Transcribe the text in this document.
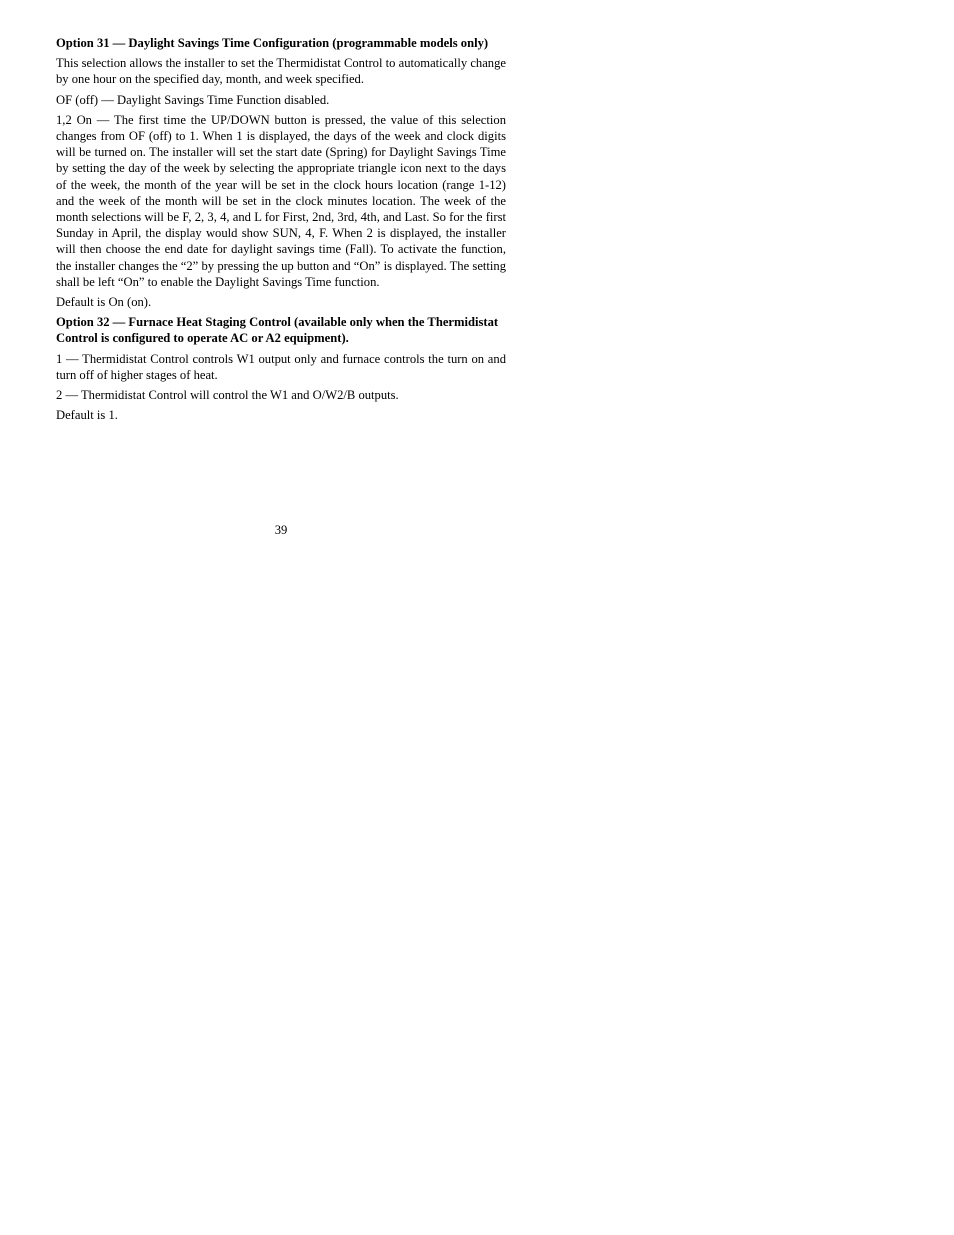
Option 31 — Daylight Savings Time Configuration (programmable models only)
This selection allows the installer to set the Thermidistat Control to automatically change by one hour on the specified day, month, and week specified.
OF (off) — Daylight Savings Time Function disabled.
1,2 On — The first time the UP/DOWN button is pressed, the value of this selection changes from OF (off) to 1. When 1 is displayed, the days of the week and clock digits will be turned on. The installer will set the start date (Spring) for Daylight Savings Time by setting the day of the week by selecting the appropriate triangle icon next to the days of the week, the month of the year will be set in the clock hours location (range 1-12) and the week of the month will be set in the clock minutes location. The week of the month selections will be F, 2, 3, 4, and L for First, 2nd, 3rd, 4th, and Last. So for the first Sunday in April, the display would show SUN, 4, F. When 2 is displayed, the installer will then choose the end date for daylight savings time (Fall). To activate the function, the installer changes the “2” by pressing the up button and “On” is displayed. The setting shall be left “On” to enable the Daylight Savings Time function.
Default is On (on).
Option 32 — Furnace Heat Staging Control (available only when the Thermidistat Control is configured to operate AC or A2 equipment).
1 — Thermidistat Control controls W1 output only and furnace controls the turn on and turn off of higher stages of heat.
2 — Thermidistat Control will control the W1 and O/W2/B outputs.
Default is 1.
39
